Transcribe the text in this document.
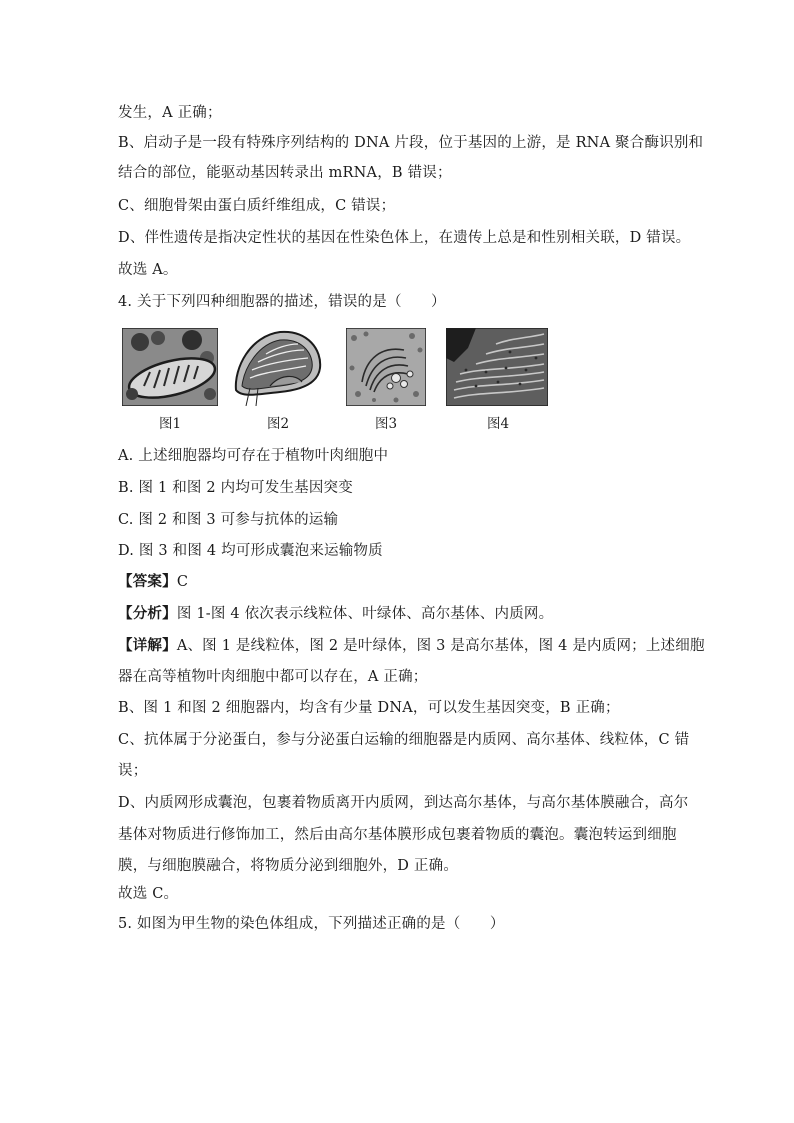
发生，A 正确；
B、启动子是一段有特殊序列结构的 DNA 片段，位于基因的上游，是 RNA 聚合酶识别和
结合的部位，能驱动基因转录出 mRNA，B 错误；
C、细胞骨架由蛋白质纤维组成，C 错误；
D、伴性遗传是指决定性状的基因在性染色体上，在遗传上总是和性别相关联，D 错误。
故选 A。
4. 关于下列四种细胞器的描述，错误的是（　　）
图1	图2	图3	图4
A. 上述细胞器均可存在于植物叶肉细胞中
B. 图 1 和图 2 内均可发生基因突变
C. 图 2 和图 3 可参与抗体的运输
D. 图 3 和图 4 均可形成囊泡来运输物质
【答案】C
【分析】图 1-图 4 依次表示线粒体、叶绿体、高尔基体、内质网。
【详解】A、图 1 是线粒体，图 2 是叶绿体，图 3 是高尔基体，图 4 是内质网；上述细胞
器在高等植物叶肉细胞中都可以存在，A 正确；
B、图 1 和图 2 细胞器内，均含有少量 DNA，可以发生基因突变，B 正确；
C、抗体属于分泌蛋白，参与分泌蛋白运输的细胞器是内质网、高尔基体、线粒体，C 错
误；
D、内质网形成囊泡，包裹着物质离开内质网，到达高尔基体，与高尔基体膜融合，高尔
基体对物质进行修饰加工，然后由高尔基体膜形成包裹着物质的囊泡。囊泡转运到细胞
膜，与细胞膜融合，将物质分泌到细胞外，D 正确。
故选 C。
5. 如图为甲生物的染色体组成，下列描述正确的是（　　）
